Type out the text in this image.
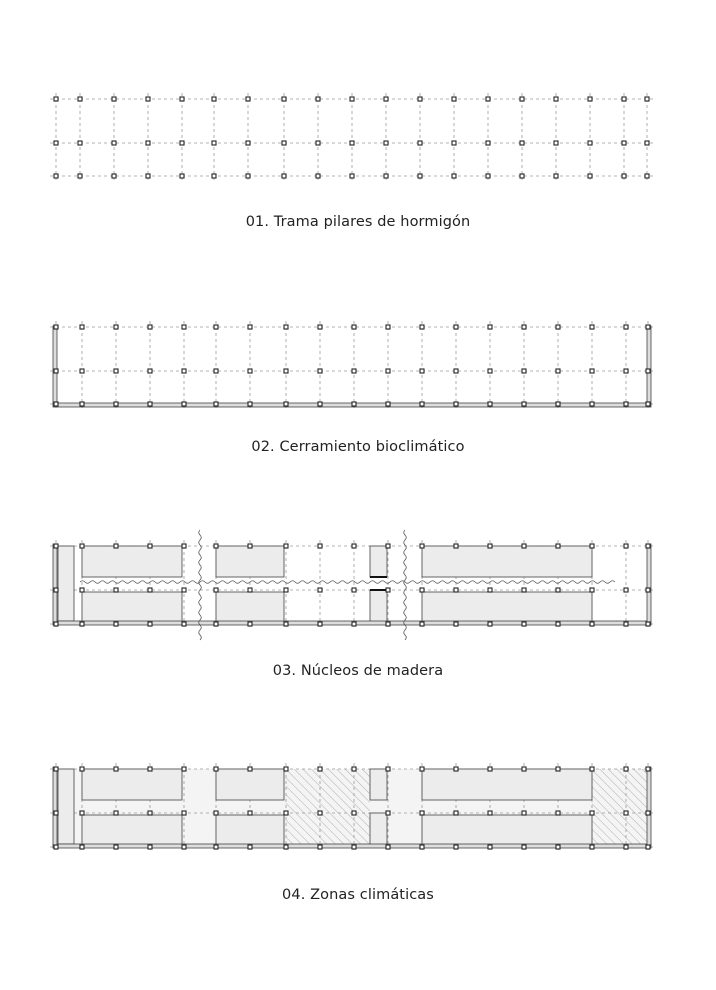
01. Trama pilares de hormigón
02. Cerramiento bioclimático
03. Núcleos de madera
04. Zonas climáticas
